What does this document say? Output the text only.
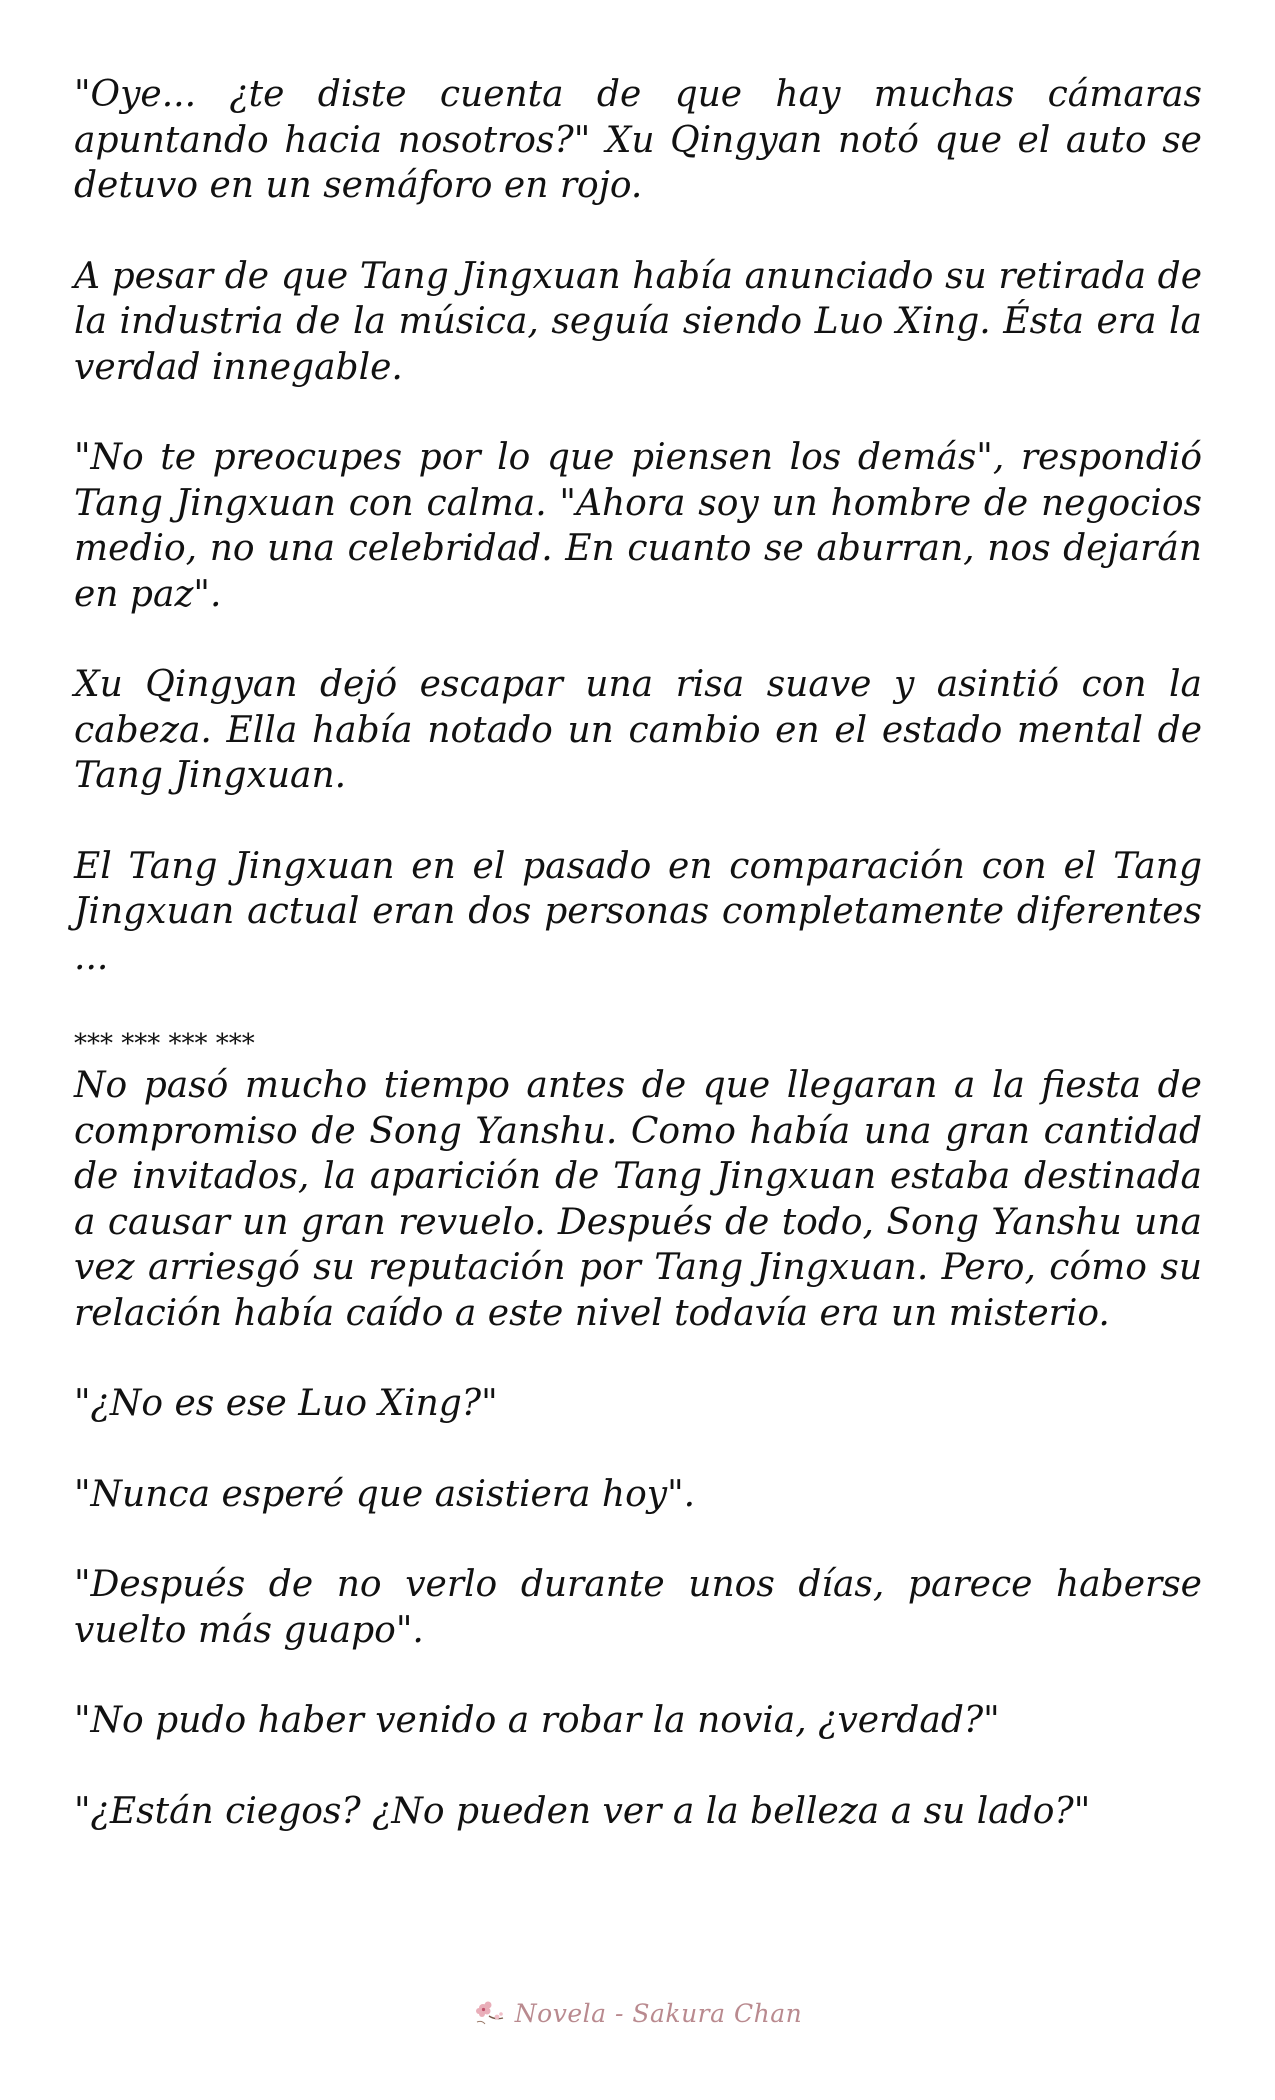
"Oye... ¿te diste cuenta de que hay muchas cámaras apuntando hacia nosotros?" Xu Qingyan notó que el auto se detuvo en un semáforo en rojo.

A pesar de que Tang Jingxuan había anunciado su retirada de la industria de la música, seguía siendo Luo Xing. Ésta era la verdad innegable.

"No te preocupes por lo que piensen los demás", respondió Tang Jingxuan con calma. "Ahora soy un hombre de negocios medio, no una celebridad. En cuanto se aburran, nos dejarán en paz".

Xu Qingyan dejó escapar una risa suave y asintió con la cabeza. Ella había notado un cambio en el estado mental de Tang Jingxuan.

El Tang Jingxuan en el pasado en comparación con el Tang Jingxuan actual eran dos personas completamente diferentes ...

*** *** *** ***

No pasó mucho tiempo antes de que llegaran a la fiesta de compromiso de Song Yanshu. Como había una gran cantidad de invitados, la aparición de Tang Jingxuan estaba destinada a causar un gran revuelo. Después de todo, Song Yanshu una vez arriesgó su reputación por Tang Jingxuan. Pero, cómo su relación había caído a este nivel todavía era un misterio.

"¿No es ese Luo Xing?"

"Nunca esperé que asistiera hoy".

"Después de no verlo durante unos días, parece haberse vuelto más guapo".

"No pudo haber venido a robar la novia, ¿verdad?"

"¿Están ciegos? ¿No pueden ver a la belleza a su lado?"

Novela - Sakura Chan
